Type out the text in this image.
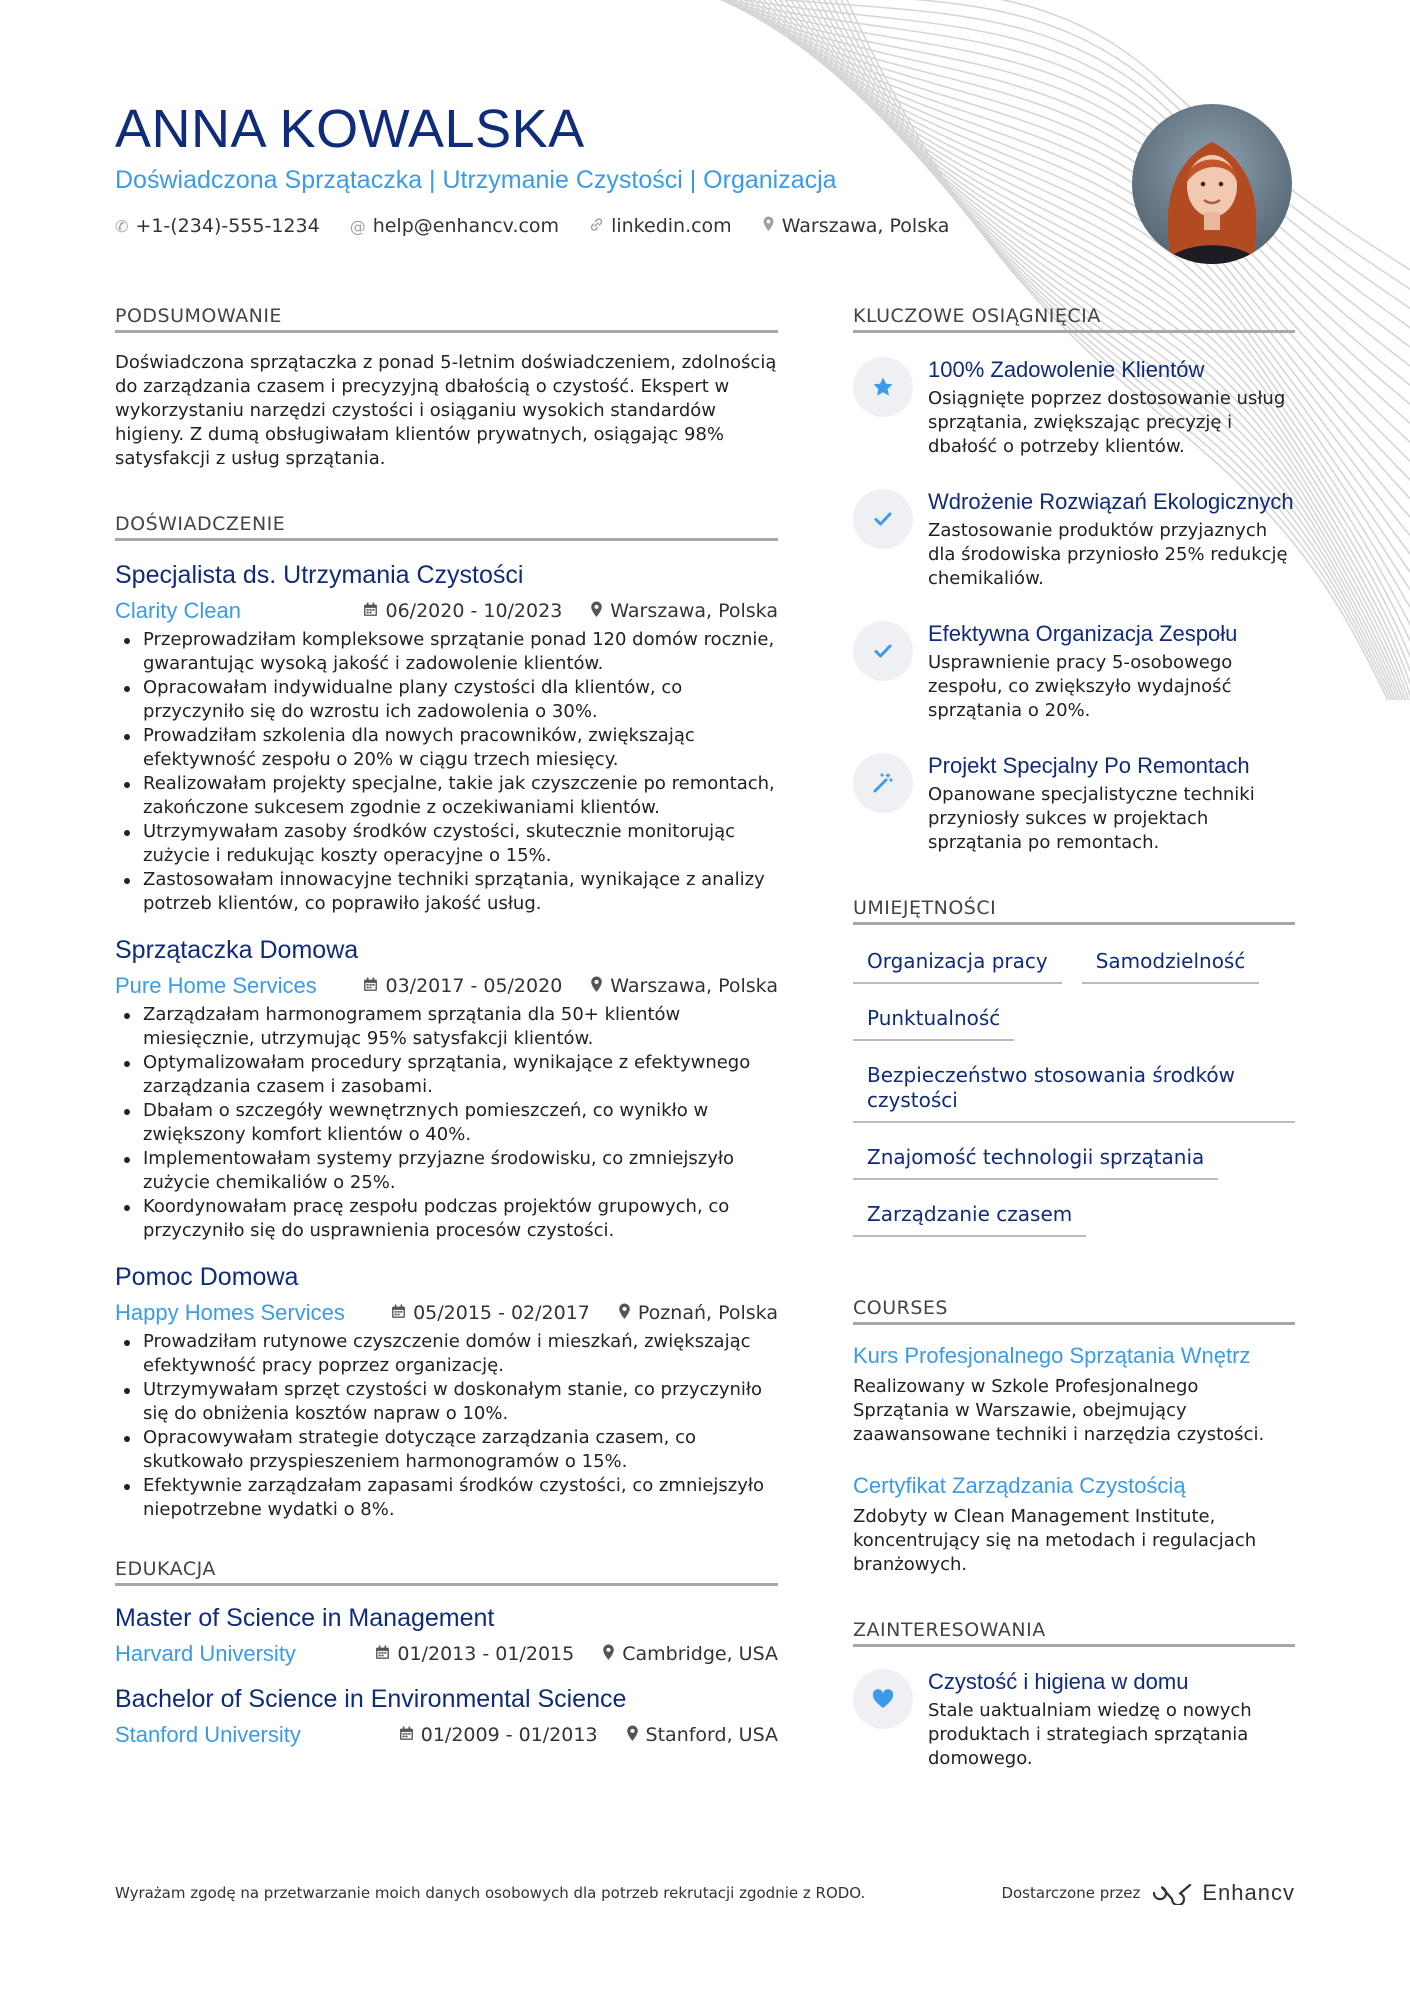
ANNA KOWALSKA
Doświadczona Sprzątaczka | Utrzymanie Czystości | Organizacja
✆ +1-(234)-555-1234 @ help@enhancv.com	linkedin.com	Warszawa, Polska
PODSUMOWANIE

Doświadczona sprzątaczka z ponad 5-letnim doświadczeniem, zdolnością do zarządzania czasem i precyzyjną dbałością o czystość. Ekspert w wykorzystaniu narzędzi czystości i osiąganiu wysokich standardów higieny. Z dumą obsługiwałam klientów prywatnych, osiągając 98% satysfakcji z usług sprzątania.

DOŚWIADCZENIE
Specjalista ds. Utrzymania Czystości
Clarity Clean	06/2020 - 10/2023	Warszawa, Polska
Przeprowadziłam kompleksowe sprzątanie ponad 120 domów rocznie, gwarantując wysoką jakość i zadowolenie klientów.
Opracowałam indywidualne plany czystości dla klientów, co przyczyniło się do wzrostu ich zadowolenia o 30%.
Prowadziłam szkolenia dla nowych pracowników, zwiększając efektywność zespołu o 20% w ciągu trzech miesięcy.
Realizowałam projekty specjalne, takie jak czyszczenie po remontach, zakończone sukcesem zgodnie z oczekiwaniami klientów.
Utrzymywałam zasoby środków czystości, skutecznie monitorując zużycie i redukując koszty operacyjne o 15%.
Zastosowałam innowacyjne techniki sprzątania, wynikające z analizy potrzeb klientów, co poprawiło jakość usług.
Sprzątaczka Domowa
Pure Home Services	03/2017 - 05/2020	Warszawa, Polska
Zarządzałam harmonogramem sprzątania dla 50+ klientów miesięcznie, utrzymując 95% satysfakcji klientów.
Optymalizowałam procedury sprzątania, wynikające z efektywnego zarządzania czasem i zasobami.
Dbałam o szczegóły wewnętrznych pomieszczeń, co wynikło w zwiększony komfort klientów o 40%.
Implementowałam systemy przyjazne środowisku, co zmniejszyło zużycie chemikaliów o 25%.
Koordynowałam pracę zespołu podczas projektów grupowych, co przyczyniło się do usprawnienia procesów czystości.
Pomoc Domowa
Happy Homes Services	05/2015 - 02/2017	Poznań, Polska
Prowadziłam rutynowe czyszczenie domów i mieszkań, zwiększając efektywność pracy poprzez organizację.
Utrzymywałam sprzęt czystości w doskonałym stanie, co przyczyniło się do obniżenia kosztów napraw o 10%.
Opracowywałam strategie dotyczące zarządzania czasem, co skutkowało przyspieszeniem harmonogramów o 15%.
Efektywnie zarządzałam zapasami środków czystości, co zmniejszyło niepotrzebne wydatki o 8%.
EDUKACJA
Master of Science in Management
Harvard University	01/2013 - 01/2015	Cambridge, USA
Bachelor of Science in Environmental Science
Stanford University	01/2009 - 01/2013	Stanford, USA
KLUCZOWE OSIĄGNIĘCIA
100% Zadowolenie Klientów
Osiągnięte poprzez dostosowanie usług sprzątania, zwiększając precyzję i dbałość o potrzeby klientów.
Wdrożenie Rozwiązań Ekologicznych
Zastosowanie produktów przyjaznych dla środowiska przyniosło 25% redukcję chemikaliów.
Efektywna Organizacja Zespołu
Usprawnienie pracy 5-osobowego zespołu, co zwiększyło wydajność sprzątania o 20%.
Projekt Specjalny Po Remontach
Opanowane specjalistyczne techniki przyniosły sukces w projektach sprzątania po remontach.
UMIEJĘTNOŚCI
Organizacja pracy	Samodzielność
Punktualność
Bezpieczeństwo stosowania środków czystości
Znajomość technologii sprzątania
Zarządzanie czasem
COURSES
Kurs Profesjonalnego Sprzątania Wnętrz
Realizowany w Szkole Profesjonalnego Sprzątania w Warszawie, obejmujący zaawansowane techniki i narzędzia czystości.
Certyfikat Zarządzania Czystością
Zdobyty w Clean Management Institute, koncentrujący się na metodach i regulacjach branżowych.
ZAINTERESOWANIA
Czystość i higiena w domu
Stale uaktualniam wiedzę o nowych produktach i strategiach sprzątania domowego.
Wyrażam zgodę na przetwarzanie moich danych osobowych dla potrzeb rekrutacji zgodnie z RODO.	Dostarczone przez	Enhancv
